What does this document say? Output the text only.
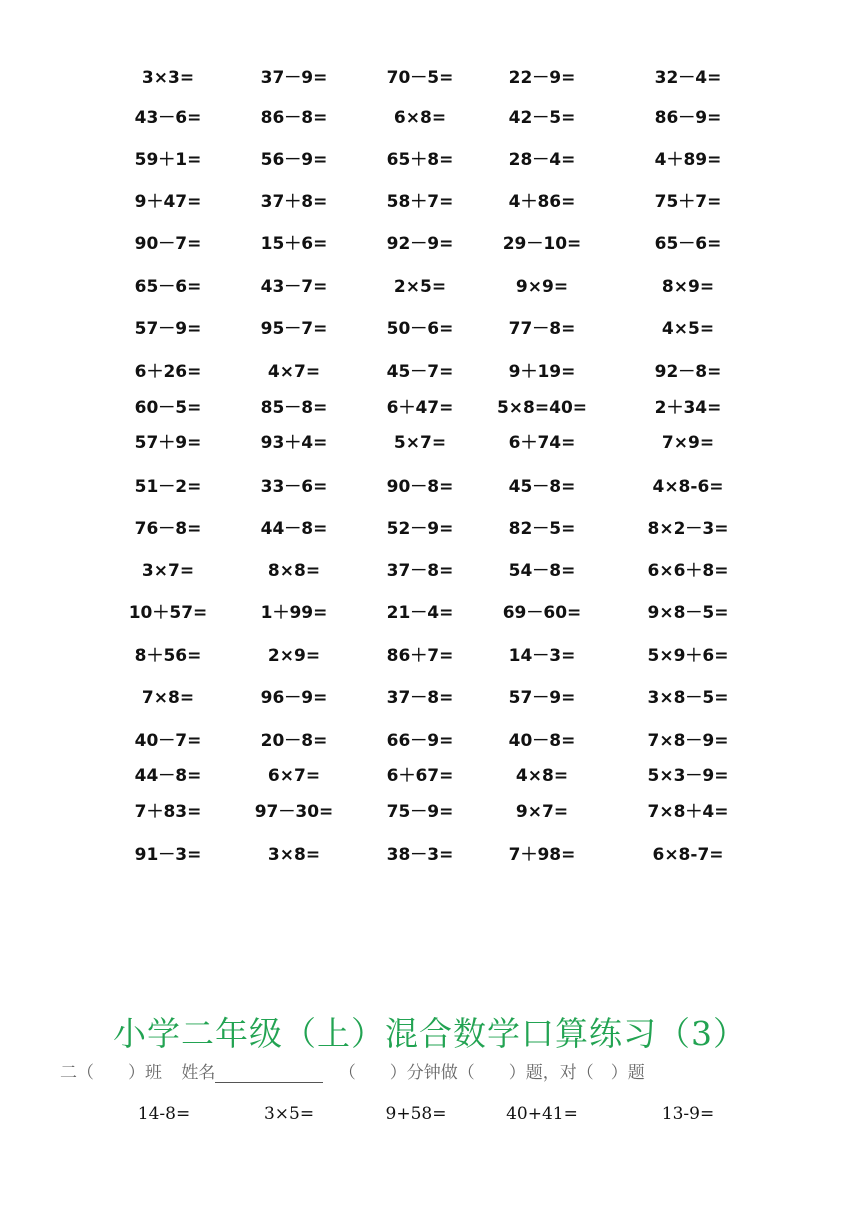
3×3=	37－9=	70－5=	22－9=	32－4=
43－6=	86－8=	6×8=	42－5=	86－9=
59＋1=	56－9=	65＋8=	28－4=	4＋89=
9＋47=	37＋8=	58＋7=	4＋86=	75＋7=
90－7=	15＋6=	92－9=	29－10=	65－6=
65－6=	43－7=	2×5=	9×9=	8×9=
57－9=	95－7=	50－6=	77－8=	4×5=
6＋26=	4×7=	45－7=	9＋19=	92－8=
60－5=	85－8=	6＋47=	5×8=40=	2＋34=
57＋9=	93＋4=	5×7=	6＋74=	7×9=
51－2=	33－6=	90－8=	45－8=	4×8-6=
76－8=	44－8=	52－9=	82－5=	8×2－3=
3×7=	8×8=	37－8=	54－8=	6×6＋8=
10＋57=	1＋99=	21－4=	69－60=	9×8－5=
8＋56=	2×9=	86＋7=	14－3=	5×9＋6=
7×8=	96－9=	37－8=	57－9=	3×8－5=
40－7=	20－8=	66－9=	40－8=	7×8－9=
44－8=	6×7=	6＋67=	4×8=	5×3－9=
7＋83=	97－30=	75－9=	9×7=	7×8＋4=
91－3=	3×8=	38－3=	7＋98=	6×8-7=
小学二年级（上）混合数学口算练习（3）
二（　　）班 姓名	（　　）分钟做（　　）题，对（　）题
14-8=	3×5=	9+58=	40+41=	13-9=
